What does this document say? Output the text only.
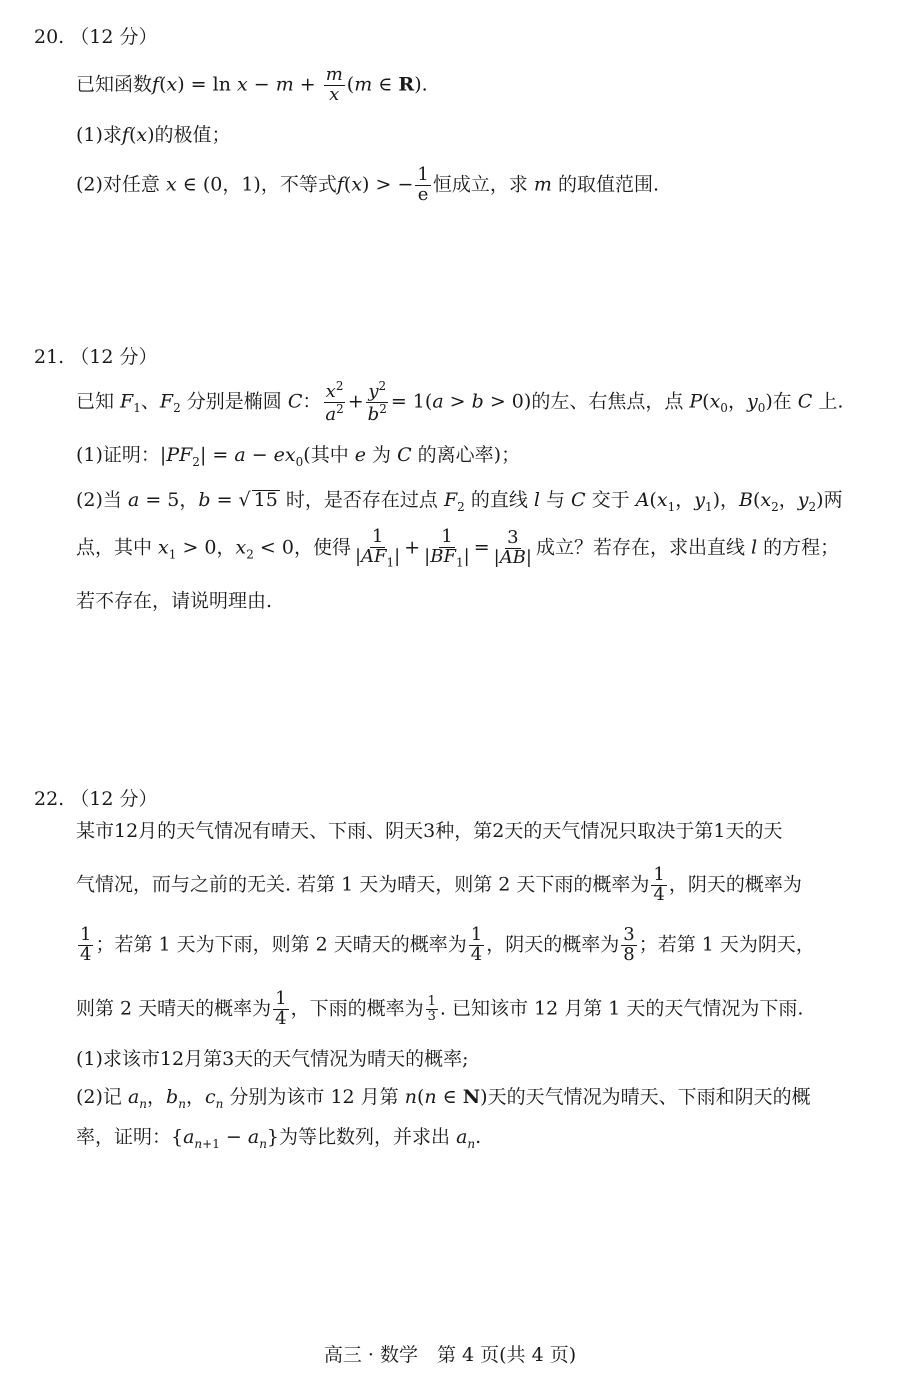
20. （12 分）
已知函数$f(x) = \ln x - m + \frac{m}{x} (m$ ∈ R).
(1)求f(x)的极值；
(2)对任意 x ∈ (0，1)，不等式f(x) > − $\frac{1}{e}$ 恒成立，求 m 的取值范围.
21. （12 分）
已知 $F_1$、$F_2$ 分别是椭圆 C： $\frac{x^2}{a^2} + \frac{y^2}{b^2} = 1(a > b > 0)$的左、右焦点，点 $P(x_0$，$y_0$)在 C 上.
(1)证明：$|PF_2| = a - ex_0$(其中 e 为 C 的离心率)；
(2)当 a = 5，b = √ 15 时，是否存在过点 $F_2$ 的直线 l 与 C 交于 $A(x_1$，$y_1$)，$B(x_2$，$y_2$)两
点，其中 $x_1 > 0$，$x_2 < 0$，使得 $\frac{1}{|AF_1|} + \frac{1}{|BF_1|} = \frac{3}{|AB|}$ 成立？若存在，求出直线 l 的方程；
若不存在，请说明理由.
22. （12 分）
某市12月的天气情况有晴天、下雨、阴天3种，第2天的天气情况只取决于第1天的天
气情况，而与之前的无关. 若第 1 天为晴天，则第 2 天下雨的概率为 $\frac{1}{4}$ ，阴天的概率为
$\frac{1}{4}$ ；若第 1 天为下雨，则第 2 天晴天的概率为 $\frac{1}{4}$ ，阴天的概率为 $\frac{3}{8}$ ；若第 1 天为阴天，
则第 2 天晴天的概率为 $\frac{1}{4}$ ，下雨的概率为 $\frac{1}{3}$ . 已知该市 12 月第 1 天的天气情况为下雨.
(1)求该市12月第3天的天气情况为晴天的概率;
(2)记 $a_n$，$b_n$，$c_n$ 分别为该市 12 月第 n(n ∈ N)天的天气情况为晴天、下雨和阴天的概
率，证明：$\{a_{n+1} - a_n\}$为等比数列，并求出 $a_n$.
高三 · 数学　第 4 页(共 4 页)
